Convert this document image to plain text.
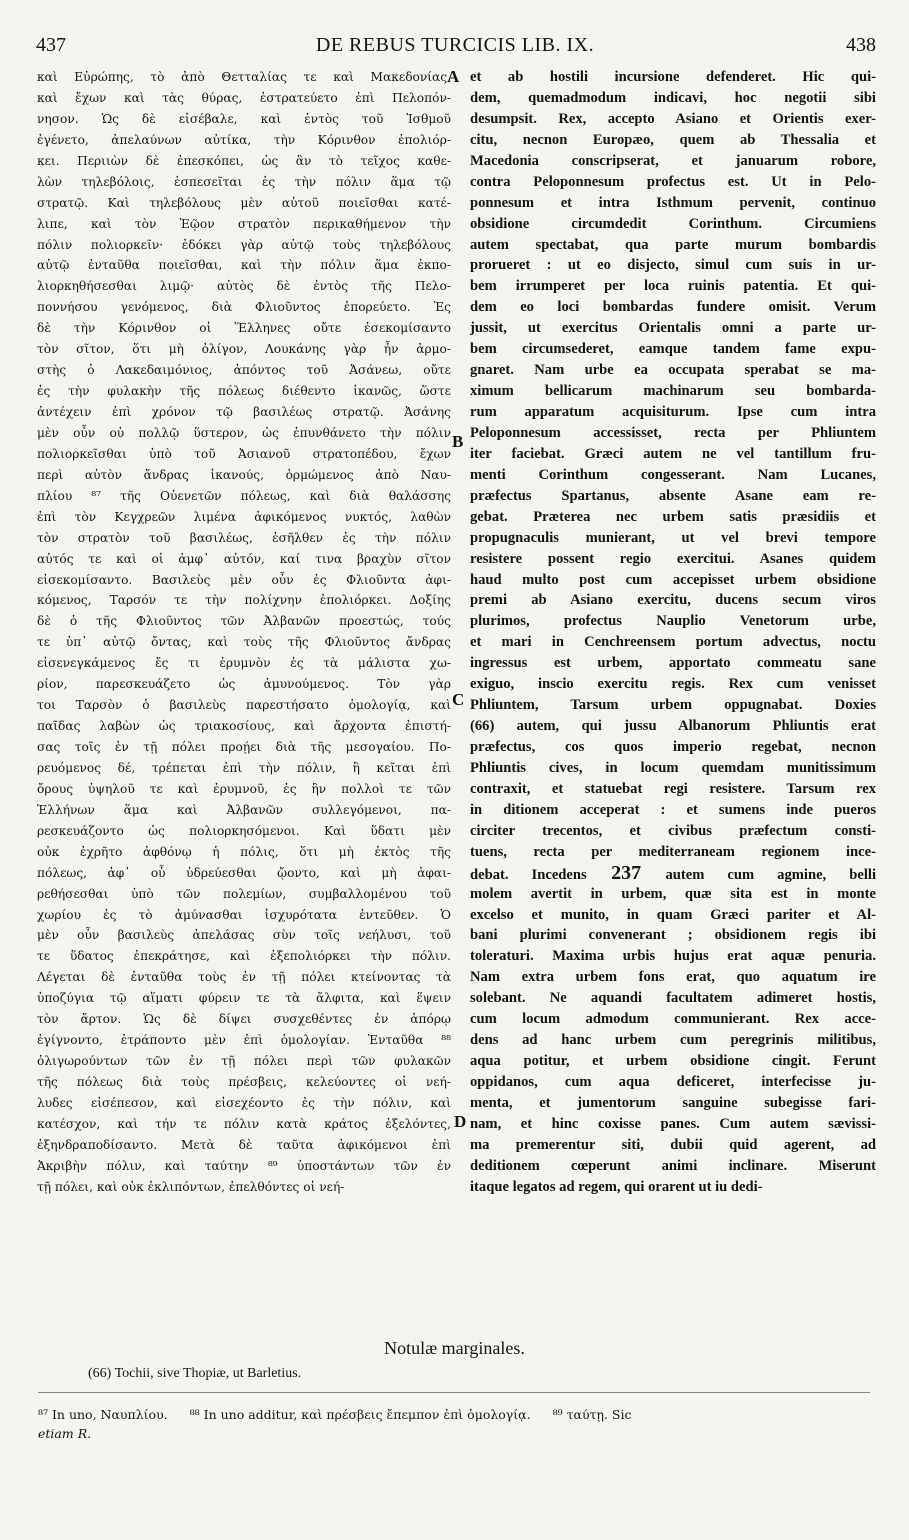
437	DE REBUS TURCICIS LIB. IX.	438
καὶ Εὐρώπης, τὸ ἀπὸ Θετταλίας τε καὶ Μακεδονίας,
καὶ ἔχων καὶ τὰς θύρας, ἐστρατεύετο ἐπὶ Πελοπόν-
νησον. Ὡς δὲ εἰσέβαλε, καὶ ἐντὸς τοῦ Ἰσθμοῦ
ἐγένετο, ἀπελαύνων αὐτίκα, τὴν Κόρινθον ἐπολιόρ-
κει. Περιιὼν δὲ ἐπεσκόπει, ὡς ἂν τὸ τεῖχος καθε-
λὼν τηλεβόλοις, ἐσπεσεῖται ἐς τὴν πόλιν ἅμα τῷ
στρατῷ. Καὶ τηλεβόλους μὲν αὐτοῦ ποιεῖσθαι κατέ-
λιπε, καὶ τὸν Ἑῷον στρατὸν περικαθήμενον τὴν
πόλιν πολιορκεῖν· ἐδόκει γὰρ αὐτῷ τοὺς τηλεβόλους
αὐτῷ ἐνταῦθα ποιεῖσθαι, καὶ τὴν πόλιν ἅμα ἐκπο-
λιορκηθήσεσθαι λιμῷ· αὐτὸς δὲ ἐντὸς τῆς Πελο-
ποννήσου γενόμενος, διὰ Φλιοῦντος ἐπορεύετο. Ἐς
δὲ τὴν Κόρινθον οἱ Ἕλληνες οὔτε ἐσεκομίσαντο
τὸν σῖτον, ὅτι μὴ ὀλίγον, Λουκάνης γὰρ ἦν ἁρμο-
στὴς ὁ Λακεδαιμόνιος, ἀπόντος τοῦ Ἀσάνεω, οὔτε
ἐς τὴν φυλακὴν τῆς πόλεως διέθεντο ἱκανῶς, ὥστε
ἀντέχειν ἐπὶ χρόνον τῷ βασιλέως στρατῷ. Ἀσάνης
μὲν οὖν οὐ πολλῷ ὕστερον, ὡς ἐπυνθάνετο τὴν πόλιν
πολιορκεῖσθαι ὑπὸ τοῦ Ἀσιανοῦ στρατοπέδου, ἔχων
περὶ αὑτὸν ἄνδρας ἱκανούς, ὁρμώμενος ἀπὸ Ναυ-
πλίου ⁸⁷ τῆς Οὐενετῶν πόλεως, καὶ διὰ θαλάσσης
ἐπὶ τὸν Κεγχρεῶν λιμένα ἀφικόμενος νυκτός, λαθὼν
τὸν στρατὸν τοῦ βασιλέως, ἐσῆλθεν ἐς τὴν πόλιν
αὐτός τε καὶ οἱ ἀμφ᾽ αὐτόν, καί τινα βραχὺν σῖτον
εἰσεκομίσαντο. Βασιλεὺς μὲν οὖν ἐς Φλιοῦντα ἀφι-
κόμενος, Ταρσόν τε τὴν πολίχνην ἐπολιόρκει. Δοξίης
δὲ ὁ τῆς Φλιοῦντος τῶν Ἀλβανῶν προεστώς, τούς
τε ὑπ᾽ αὐτῷ ὄντας, καὶ τοὺς τῆς Φλιοῦντος ἄνδρας
εἰσενεγκάμενος ἔς τι ἐρυμνὸν ἐς τὰ μάλιστα χω-
ρίον, παρεσκευάζετο ὡς ἀμυνούμενος. Τὸν γὰρ
τοι Ταρσὸν ὁ βασιλεὺς παρεστήσατο ὁμολογίᾳ, καὶ
παῖδας λαβὼν ὡς τριακοσίους, καὶ ἄρχοντα ἐπιστή-
σας τοῖς ἐν τῇ πόλει προῄει διὰ τῆς μεσογαίου. Πο-
ρευόμενος δέ, τρέπεται ἐπὶ τὴν πόλιν, ἣ κεῖται ἐπὶ
ὄρους ὑψηλοῦ τε καὶ ἐρυμνοῦ, ἐς ἣν πολλοὶ τε τῶν
Ἑλλήνων ἅμα καὶ Ἀλβανῶν συλλεγόμενοι, πα-
ρεσκευάζοντο ὡς πολιορκησόμενοι. Καὶ ὕδατι μὲν
οὐκ ἐχρῆτο ἀφθόνῳ ἡ πόλις, ὅτι μὴ ἐκτὸς τῆς
πόλεως, ἀφ᾽ οὗ ὑδρεύεσθαι ᾤοντο, καὶ μὴ ἀφαι-
ρεθήσεσθαι ὑπὸ τῶν πολεμίων, συμβαλλομένου τοῦ
χωρίου ἐς τὸ ἀμύνασθαι ἰσχυρότατα ἐντεῦθεν. Ὁ
μὲν οὖν βασιλεὺς ἀπελάσας σὺν τοῖς νεήλυσι, τοῦ
τε ὕδατος ἐπεκράτησε, καὶ ἐξεπολιόρκει τὴν πόλιν.
Λέγεται δὲ ἐνταῦθα τοὺς ἐν τῇ πόλει κτείνοντας τὰ
ὑποζύγια τῷ αἵματι φύρειν τε τὰ ἄλφιτα, καὶ ἕψειν
τὸν ἄρτον. Ὡς δὲ δίψει συσχεθέντες ἐν ἀπόρῳ
ἐγίγνοντο, ἐτράποντο μὲν ἐπὶ ὁμολογίαν. Ἐνταῦθα ⁸⁸
ὀλιγωρούντων τῶν ἐν τῇ πόλει περὶ τῶν φυλακῶν
τῆς πόλεως διὰ τοὺς πρέσβεις, κελεύοντες οἱ νεή-
λυδες εἰσέπεσον, καὶ εἰσεχέοντο ἐς τὴν πόλιν, καὶ
κατέσχον, καὶ τήν τε πόλιν κατὰ κράτος ἑξελόντες,
ἐξηνδραποδίσαντο. Μετὰ δὲ ταῦτα ἀφικόμενοι ἐπὶ
Ἀκριβὴν πόλιν, καὶ ταύτην ⁸⁹ ὑποστάντων τῶν ἐν
τῇ πόλει, καὶ οὐκ ἐκλιπόντων, ἐπελθόντες οἱ νεή-
et ab hostili incursione defenderet. Hic qui-
dem, quemadmodum indicavi, hoc negotii sibi
desumpsit. Rex, accepto Asiano et Orientis exer-
citu, necnon Europæo, quem ab Thessalia et
Macedonia conscripserat, et januarum robore,
contra Peloponnesum profectus est. Ut in Pelo-
ponnesum et intra Isthmum pervenit, continuo
obsidione circumdedit Corinthum. Circumiens
autem spectabat, qua parte murum bombardis
prorueret : ut eo disjecto, simul cum suis in ur-
bem irrumperet per loca ruinis patentia. Et qui-
dem eo loci bombardas fundere omisit. Verum
jussit, ut exercitus Orientalis omni a parte ur-
bem circumsederet, eamque tandem fame expu-
gnaret. Nam urbe ea occupata sperabat se ma-
ximum bellicarum machinarum seu bombarda-
rum apparatum acquisiturum. Ipse cum intra
Peloponnesum accessisset, recta per Phliuntem
iter faciebat. Græci autem ne vel tantillum fru-
menti Corinthum congesserant. Nam Lucanes,
præfectus Spartanus, absente Asane eam re-
gebat. Præterea nec urbem satis præsidiis et
propugnaculis munierant, ut vel brevi tempore
resistere possent regio exercitui. Asanes quidem
haud multo post cum accepisset urbem obsidione
premi ab Asiano exercitu, ducens secum viros
plurimos, profectus Nauplio Venetorum urbe,
et mari in Cenchreensem portum advectus, noctu
ingressus est urbem, apportato commeatu sane
exiguo, inscio exercitu regis. Rex cum venisset
Phliuntem, Tarsum urbem oppugnabat. Doxies
(66) autem, qui jussu Albanorum Phliuntis erat
præfectus, cos quos imperio regebat, necnon
Phliuntis cives, in locum quemdam munitissimum
contraxit, et statuebat regi resistere. Tarsum rex
in ditionem acceperat : et sumens inde pueros
circiter trecentos, et civibus præfectum consti-
tuens, recta per mediterraneam regionem ince-
debat. Incedens 237 autem cum agmine, belli
molem avertit in urbem, quæ sita est in monte
excelso et munito, in quam Græci pariter et Al-
bani plurimi convenerant ; obsidionem regis ibi
toleraturi. Maxima urbis hujus erat aquæ penuria.
Nam extra urbem fons erat, quo aquatum ire
solebant. Ne aquandi facultatem adimeret hostis,
cum locum admodum communierant. Rex acce-
dens ad hanc urbem cum peregrinis militibus,
aqua potitur, et urbem obsidione cingit. Ferunt
oppidanos, cum aqua deficeret, interfecisse ju-
menta, et jumentorum sanguine subegisse fari-
nam, et hinc coxisse panes. Cum autem sævissi-
ma premerentur siti, dubii quid agerent, ad
deditionem cœperunt animi inclinare. Miserunt
itaque legatos ad regem, qui orarent ut iu dedi-
A
B
C
D
Notulæ marginales.
(66) Tochii, sive Thopiæ, ut Barletius.
⁸⁷ In uno, Ναυπλίου. ⁸⁸ In uno additur, καὶ πρέσβεις ἔπεμπον ἐπὶ ὁμολογίᾳ. ⁸⁹ ταύτῃ. Sic
etiam R.
